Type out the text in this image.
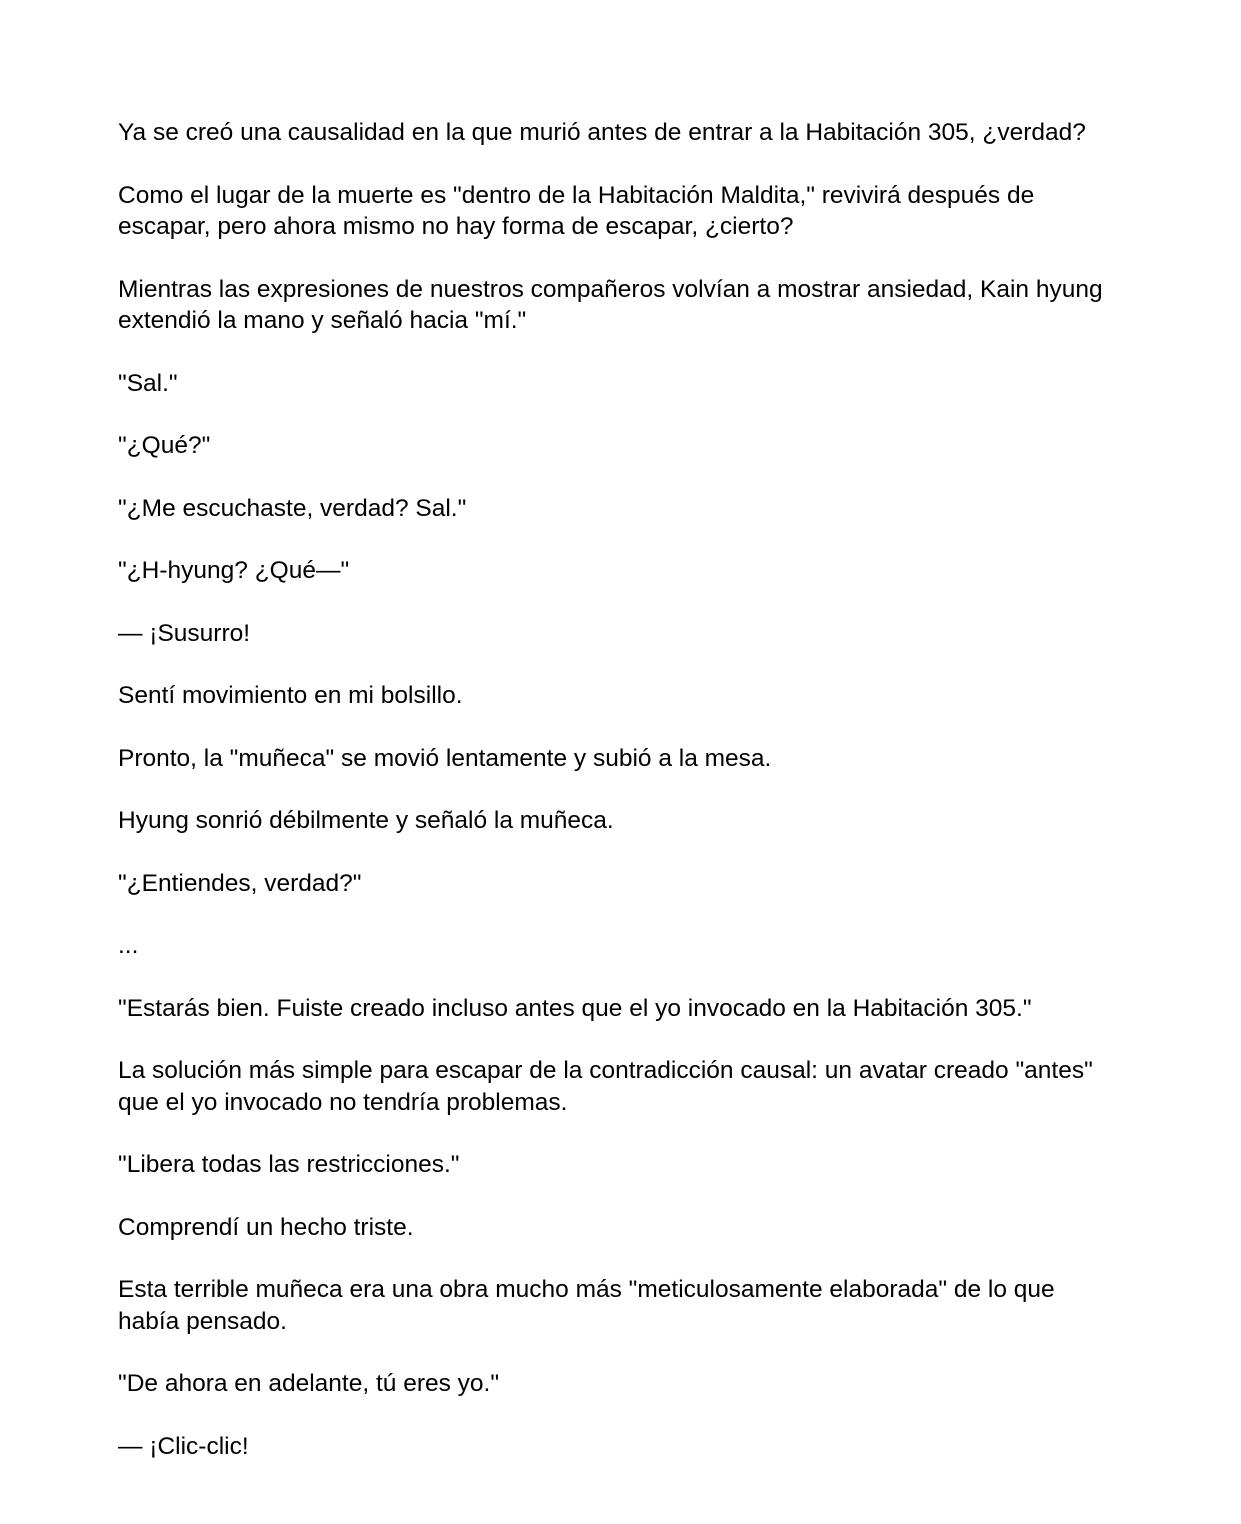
Ya se creó una causalidad en la que murió antes de entrar a la Habitación 305, ¿verdad?

Como el lugar de la muerte es "dentro de la Habitación Maldita," revivirá después de escapar, pero ahora mismo no hay forma de escapar, ¿cierto?

Mientras las expresiones de nuestros compañeros volvían a mostrar ansiedad, Kain hyung extendió la mano y señaló hacia "mí."

"Sal."

"¿Qué?"

"¿Me escuchaste, verdad? Sal."

"¿H-hyung? ¿Qué—"

— ¡Susurro!

Sentí movimiento en mi bolsillo.

Pronto, la "muñeca" se movió lentamente y subió a la mesa.

Hyung sonrió débilmente y señaló la muñeca.

"¿Entiendes, verdad?"

...

"Estarás bien. Fuiste creado incluso antes que el yo invocado en la Habitación 305."

La solución más simple para escapar de la contradicción causal: un avatar creado "antes" que el yo invocado no tendría problemas.

"Libera todas las restricciones."

Comprendí un hecho triste.

Esta terrible muñeca era una obra mucho más "meticulosamente elaborada" de lo que había pensado.

"De ahora en adelante, tú eres yo."

— ¡Clic-clic!
